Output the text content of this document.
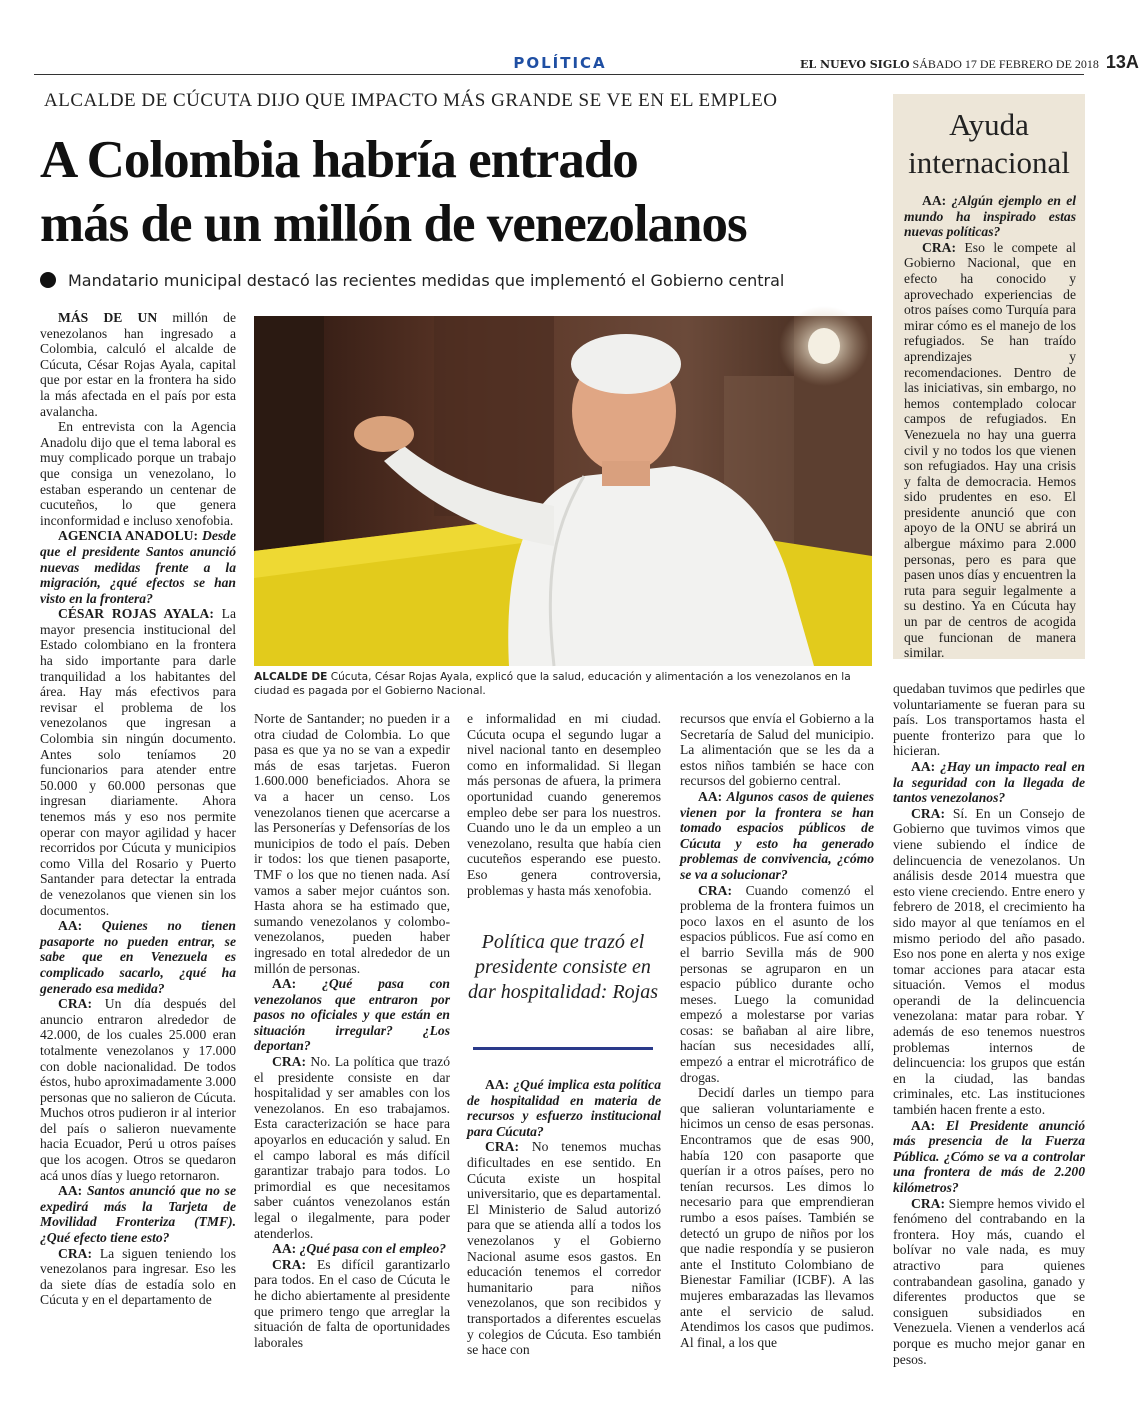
POLÍTICA	EL NUEVO SIGLO SÁBADO 17 DE FEBRERO DE 2018 13A
ALCALDE DE CÚCUTA DIJO QUE IMPACTO MÁS GRANDE SE VE EN EL EMPLEO
A Colombia habría entrado
más de un millón de venezolanos
Mandatario municipal destacó las recientes medidas que implementó el Gobierno central
ALCALDE DE Cúcuta, César Rojas Ayala, explicó que la salud, educación y alimentación a los venezolanos en la ciudad es pagada por el Gobierno Nacional.
Ayuda internacional

MÁS DE UN millón de venezolanos han ingresado a Colombia, calculó el alcalde de Cúcuta, César Rojas Ayala, capital que por estar en la frontera ha sido la más afectada en el país por esta avalancha.

En entrevista con la Agencia Anadolu dijo que el tema laboral es muy complicado porque un trabajo que consiga un venezolano, lo estaban esperando un centenar de cucuteños, lo que genera inconformidad e incluso xenofobia.

AGENCIA ANADOLU: Desde que el presidente Santos anunció nuevas medidas frente a la migración, ¿qué efectos se han visto en la frontera?

CÉSAR ROJAS AYALA: La mayor presencia institucional del Estado colombiano en la frontera ha sido importante para darle tranquilidad a los habitantes del área. Hay más efectivos para revisar el problema de los venezolanos que ingresan a Colombia sin ningún documento. Antes solo teníamos 20 funcionarios para atender entre 50.000 y 60.000 personas que ingresan diariamente. Ahora tenemos más y eso nos permite operar con mayor agilidad y hacer recorridos por Cúcuta y municipios como Villa del Rosario y Puerto Santander para detectar la entrada de venezolanos que vienen sin los documentos.

AA: Quienes no tienen pasaporte no pueden entrar, se sabe que en Venezuela es complicado sacarlo, ¿qué ha generado esa medida?

CRA: Un día después del anuncio entraron alrededor de 42.000, de los cuales 25.000 eran totalmente venezolanos y 17.000 con doble nacionalidad. De todos éstos, hubo aproximadamente 3.000 personas que no salieron de Cúcuta. Muchos otros pudieron ir al interior del país o salieron nuevamente hacia Ecuador, Perú u otros países que los acogen. Otros se quedaron acá unos días y luego retornaron.

AA: Santos anunció que no se expedirá más la Tarjeta de Movilidad Fronteriza (TMF). ¿Qué efecto tiene esto?

CRA: La siguen teniendo los venezolanos para ingresar. Eso les da siete días de estadía solo en Cúcuta y en el departamento de

Norte de Santander; no pueden ir a otra ciudad de Colombia. Lo que pasa es que ya no se van a expedir más de esas tarjetas. Fueron 1.600.000 beneficiados. Ahora se va a hacer un censo. Los venezolanos tienen que acercarse a las Personerías y Defensorías de los municipios de todo el país. Deben ir todos: los que tienen pasaporte, TMF o los que no tienen nada. Así vamos a saber mejor cuántos son. Hasta ahora se ha estimado que, sumando venezolanos y colombo-venezolanos, pueden haber ingresado en total alrededor de un millón de personas.

AA: ¿Qué pasa con venezolanos que entraron por pasos no oficiales y que están en situación irregular? ¿Los deportan?

CRA: No. La política que trazó el presidente consiste en dar hospitalidad y ser amables con los venezolanos. En eso trabajamos. Esta caracterización se hace para apoyarlos en educación y salud. En el campo laboral es más difícil garantizar trabajo para todos. Lo primordial es que necesitamos saber cuántos venezolanos están legal o ilegalmente, para poder atenderlos.

AA: ¿Qué pasa con el empleo?

CRA: Es difícil garantizarlo para todos. En el caso de Cúcuta le he dicho abiertamente al presidente que primero tengo que arreglar la situación de falta de oportunidades laborales

e informalidad en mi ciudad. Cúcuta ocupa el segundo lugar a nivel nacional tanto en desempleo como en informalidad. Si llegan más personas de afuera, la primera oportunidad cuando generemos empleo debe ser para los nuestros. Cuando uno le da un empleo a un venezolano, resulta que había cien cucuteños esperando ese puesto. Eso genera controversia, problemas y hasta más xenofobia.

Política que trazó el presidente consiste en dar hospitalidad: Rojas

AA: ¿Qué implica esta política de hospitalidad en materia de recursos y esfuerzo institucional para Cúcuta?

CRA: No tenemos muchas dificultades en ese sentido. En Cúcuta existe un hospital universitario, que es departamental. El Ministerio de Salud autorizó para que se atienda allí a todos los venezolanos y el Gobierno Nacional asume esos gastos. En educación tenemos el corredor humanitario para niños venezolanos, que son recibidos y transportados a diferentes escuelas y colegios de Cúcuta. Eso también se hace con

recursos que envía el Gobierno a la Secretaría de Salud del municipio. La alimentación que se les da a estos niños también se hace con recursos del gobierno central.

AA: Algunos casos de quienes vienen por la frontera se han tomado espacios públicos de Cúcuta y esto ha generado problemas de convivencia, ¿cómo se va a solucionar?

CRA: Cuando comenzó el problema de la frontera fuimos un poco laxos en el asunto de los espacios públicos. Fue así como en el barrio Sevilla más de 900 personas se agruparon en un espacio público durante ocho meses. Luego la comunidad empezó a molestarse por varias cosas: se bañaban al aire libre, hacían sus necesidades allí, empezó a entrar el microtráfico de drogas.

Decidí darles un tiempo para que salieran voluntariamente e hicimos un censo de esas personas. Encontramos que de esas 900, había 120 con pasaporte que querían ir a otros países, pero no tenían recursos. Les dimos lo necesario para que emprendieran rumbo a esos países. También se detectó un grupo de niños por los que nadie respondía y se pusieron ante el Instituto Colombiano de Bienestar Familiar (ICBF). A las mujeres embarazadas las llevamos ante el servicio de salud. Atendimos los casos que pudimos. Al final, a los que

AA: ¿Algún ejemplo en el mundo ha inspirado estas nuevas políticas?

CRA: Eso le compete al Gobierno Nacional, que en efecto ha conocido y aprovechado experiencias de otros países como Turquía para mirar cómo es el manejo de los refugiados. Se han traído aprendizajes y recomendaciones. Dentro de las iniciativas, sin embargo, no hemos contemplado colocar campos de refugiados. En Venezuela no hay una guerra civil y no todos los que vienen son refugiados. Hay una crisis y falta de democracia. Hemos sido prudentes en eso. El presidente anunció que con apoyo de la ONU se abrirá un albergue máximo para 2.000 personas, pero es para que pasen unos días y encuentren la ruta para seguir legalmente a su destino. Ya en Cúcuta hay un par de centros de acogida que funcionan de manera similar.

quedaban tuvimos que pedirles que voluntariamente se fueran para su país. Los transportamos hasta el puente fronterizo para que lo hicieran.

AA: ¿Hay un impacto real en la seguridad con la llegada de tantos venezolanos?

CRA: Sí. En un Consejo de Gobierno que tuvimos vimos que viene subiendo el índice de delincuencia de venezolanos. Un análisis desde 2014 muestra que esto viene creciendo. Entre enero y febrero de 2018, el crecimiento ha sido mayor al que teníamos en el mismo periodo del año pasado. Eso nos pone en alerta y nos exige tomar acciones para atacar esta situación. Vemos el modus operandi de la delincuencia venezolana: matar para robar. Y además de eso tenemos nuestros problemas internos de delincuencia: los grupos que están en la ciudad, las bandas criminales, etc. Las instituciones también hacen frente a esto.

AA: El Presidente anunció más presencia de la Fuerza Pública. ¿Cómo se va a controlar una frontera de más de 2.200 kilómetros?

CRA: Siempre hemos vivido el fenómeno del contrabando en la frontera. Hoy más, cuando el bolívar no vale nada, es muy atractivo para quienes contrabandean gasolina, ganado y diferentes productos que se consiguen subsidiados en Venezuela. Vienen a venderlos acá porque es mucho mejor ganar en pesos.
